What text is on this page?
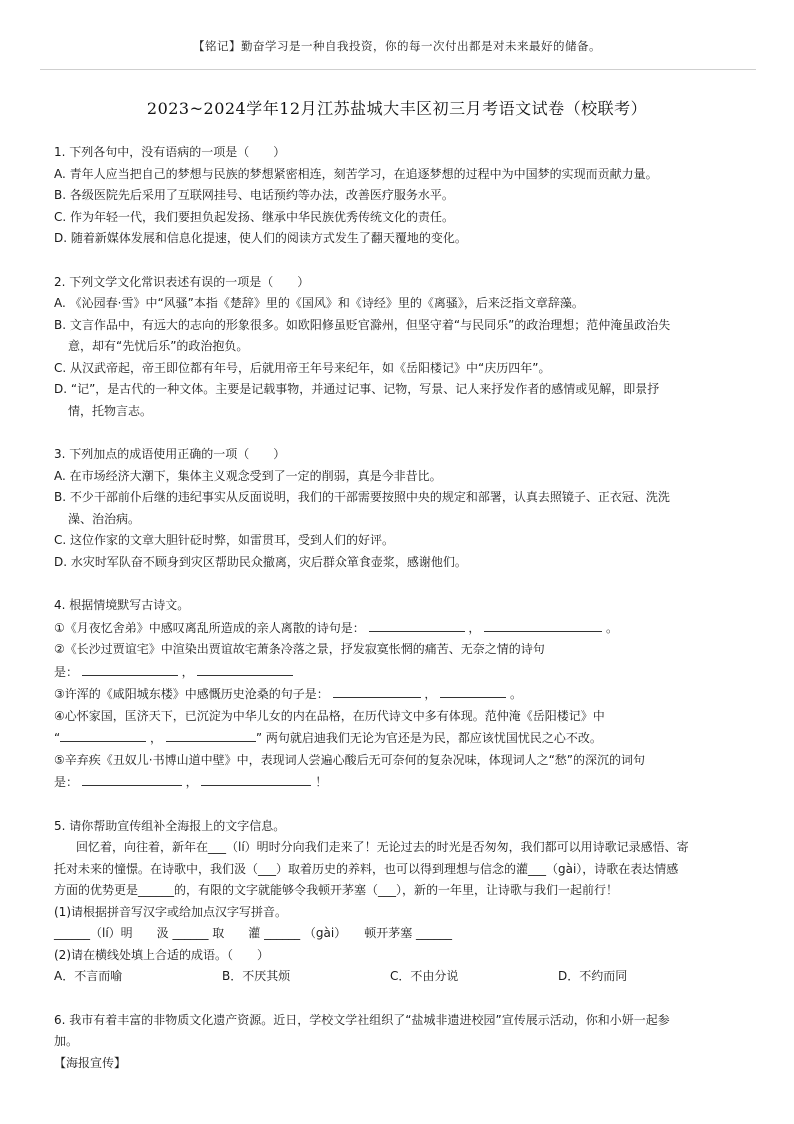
【铭记】勤奋学习是一种自我投资，你的每一次付出都是对未来最好的储备。
2023~2024学年12月江苏盐城大丰区初三月考语文试卷（校联考）
1. 下列各句中，没有语病的一项是（　　）
A. 青年人应当把自己的梦想与民族的梦想紧密相连，刻苦学习，在追逐梦想的过程中为中国梦的实现而贡献力量。
B. 各级医院先后采用了互联网挂号、电话预约等办法，改善医疗服务水平。
C. 作为年轻一代，我们要担负起发扬、继承中华民族优秀传统文化的责任。
D. 随着新媒体发展和信息化提速，使人们的阅读方式发生了翻天覆地的变化。
2. 下列文学文化常识表述有误的一项是（　　）
A. 《沁园春·雪》中“风骚”本指《楚辞》里的《国风》和《诗经》里的《离骚》，后来泛指文章辞藻。
B. 文言作品中，有远大的志向的形象很多。如欧阳修虽贬官滁州，但坚守着“与民同乐”的政治理想；范仲淹虽政治失
意，却有“先忧后乐”的政治抱负。
C. 从汉武帝起，帝王即位都有年号，后就用帝王年号来纪年，如《岳阳楼记》中“庆历四年”。
D. “记”，是古代的一种文体。主要是记载事物，并通过记事、记物，写景、记人来抒发作者的感情或见解，即景抒
情，托物言志。
3. 下列加点的成语使用正确的一项（　　）
A. 在市场经济大潮下，集体主义观念受到了一定的削弱，真是今非昔比。
B. 不少干部前仆后继的违纪事实从反面说明，我们的干部需要按照中央的规定和部署，认真去照镜子、正衣冠、洗洗
澡、治治病。
C. 这位作家的文章大胆针砭时弊，如雷贯耳，受到人们的好评。
D. 水灾时军队奋不顾身到灾区帮助民众撤离，灾后群众箪食壶浆，感谢他们。
4. 根据情境默写古诗文。
①《月夜忆舍弟》中感叹离乱所造成的亲人离散的诗句是：	，	。
②《长沙过贾谊宅》中渲染出贾谊故宅萧条冷落之景，抒发寂寞怅惘的痛苦、无奈之情的诗句
是：	，
③许浑的《咸阳城东楼》中感慨历史沧桑的句子是：	，	。
④心怀家国，匡济天下，已沉淀为中华儿女的内在品格，在历代诗文中多有体现。范仲淹《岳阳楼记》中
“	，	” 两句就启迪我们无论为官还是为民，都应该忧国忧民之心不改。
⑤辛弃疾《丑奴儿·书博山道中壁》中，表现词人尝遍心酸后无可奈何的复杂况味，体现词人之“愁”的深沉的词句
是：	，	！
5. 请你帮助宣传组补全海报上的文字信息。
回忆着，向往着，新年在___（lí）明时分向我们走来了！无论过去的时光是否匆匆，我们都可以用诗歌记录感悟、寄
托对未来的憧憬。在诗歌中，我们汲（___）取着历史的养料，也可以得到理想与信念的灌___（gài），诗歌在表达情感
方面的优势更是______的，有限的文字就能够令我顿开茅塞（___），新的一年里，让诗歌与我们一起前行！
(1)请根据拼音写汉字或给加点汉字写拼音。
______（lí）明　　汲 ______ 取　　灌 ______ （gài）　　顿开茅塞 ______
(2)请在横线处填上合适的成语。（　　）
A．不言而喻	B．不厌其烦	C．不由分说	D．不约而同
6. 我市有着丰富的非物质文化遗产资源。近日，学校文学社组织了“盐城非遗进校园”宣传展示活动，你和小妍一起参
加。
【海报宣传】
